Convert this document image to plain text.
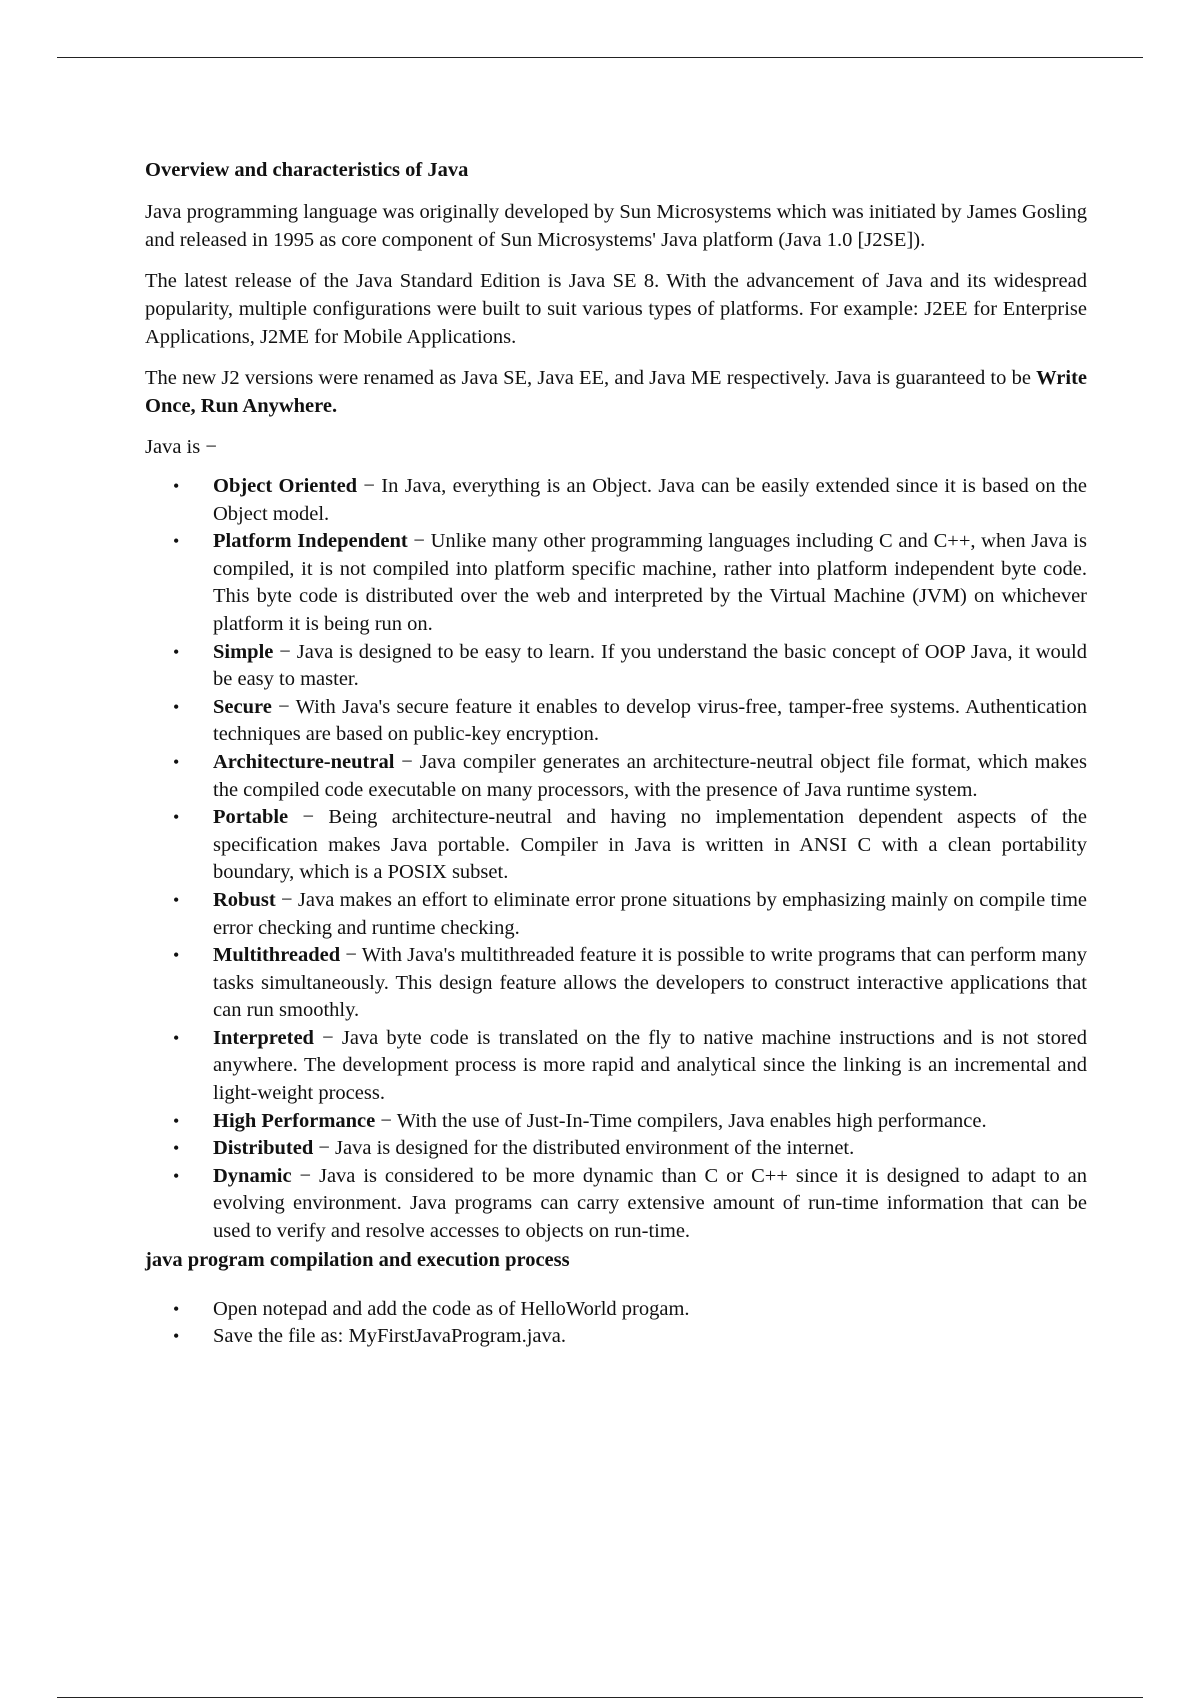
Overview and characteristics of Java

Java programming language was originally developed by Sun Microsystems which was initiated by James Gosling and released in 1995 as core component of Sun Microsystems' Java platform (Java 1.0 [J2SE]).

The latest release of the Java Standard Edition is Java SE 8. With the advancement of Java and its widespread popularity, multiple configurations were built to suit various types of platforms. For example: J2EE for Enterprise Applications, J2ME for Mobile Applications.

The new J2 versions were renamed as Java SE, Java EE, and Java ME respectively. Java is guaranteed to be Write Once, Run Anywhere.

Java is −

• Object Oriented − In Java, everything is an Object. Java can be easily extended since it is based on the Object model.
• Platform Independent − Unlike many other programming languages including C and C++, when Java is compiled, it is not compiled into platform specific machine, rather into platform independent byte code. This byte code is distributed over the web and interpreted by the Virtual Machine (JVM) on whichever platform it is being run on.
• Simple − Java is designed to be easy to learn. If you understand the basic concept of OOP Java, it would be easy to master.
• Secure − With Java's secure feature it enables to develop virus-free, tamper-free systems. Authentication techniques are based on public-key encryption.
• Architecture-neutral − Java compiler generates an architecture-neutral object file format, which makes the compiled code executable on many processors, with the presence of Java runtime system.
• Portable − Being architecture-neutral and having no implementation dependent aspects of the specification makes Java portable. Compiler in Java is written in ANSI C with a clean portability boundary, which is a POSIX subset.
• Robust − Java makes an effort to eliminate error prone situations by emphasizing mainly on compile time error checking and runtime checking.
• Multithreaded − With Java's multithreaded feature it is possible to write programs that can perform many tasks simultaneously. This design feature allows the developers to construct interactive applications that can run smoothly.
• Interpreted − Java byte code is translated on the fly to native machine instructions and is not stored anywhere. The development process is more rapid and analytical since the linking is an incremental and light-weight process.
• High Performance − With the use of Just-In-Time compilers, Java enables high performance.
• Distributed − Java is designed for the distributed environment of the internet.
• Dynamic − Java is considered to be more dynamic than C or C++ since it is designed to adapt to an evolving environment. Java programs can carry extensive amount of run-time information that can be used to verify and resolve accesses to objects on run-time.
java program compilation and execution process
• Open notepad and add the code as of HelloWorld progam.
• Save the file as: MyFirstJavaProgram.java.
